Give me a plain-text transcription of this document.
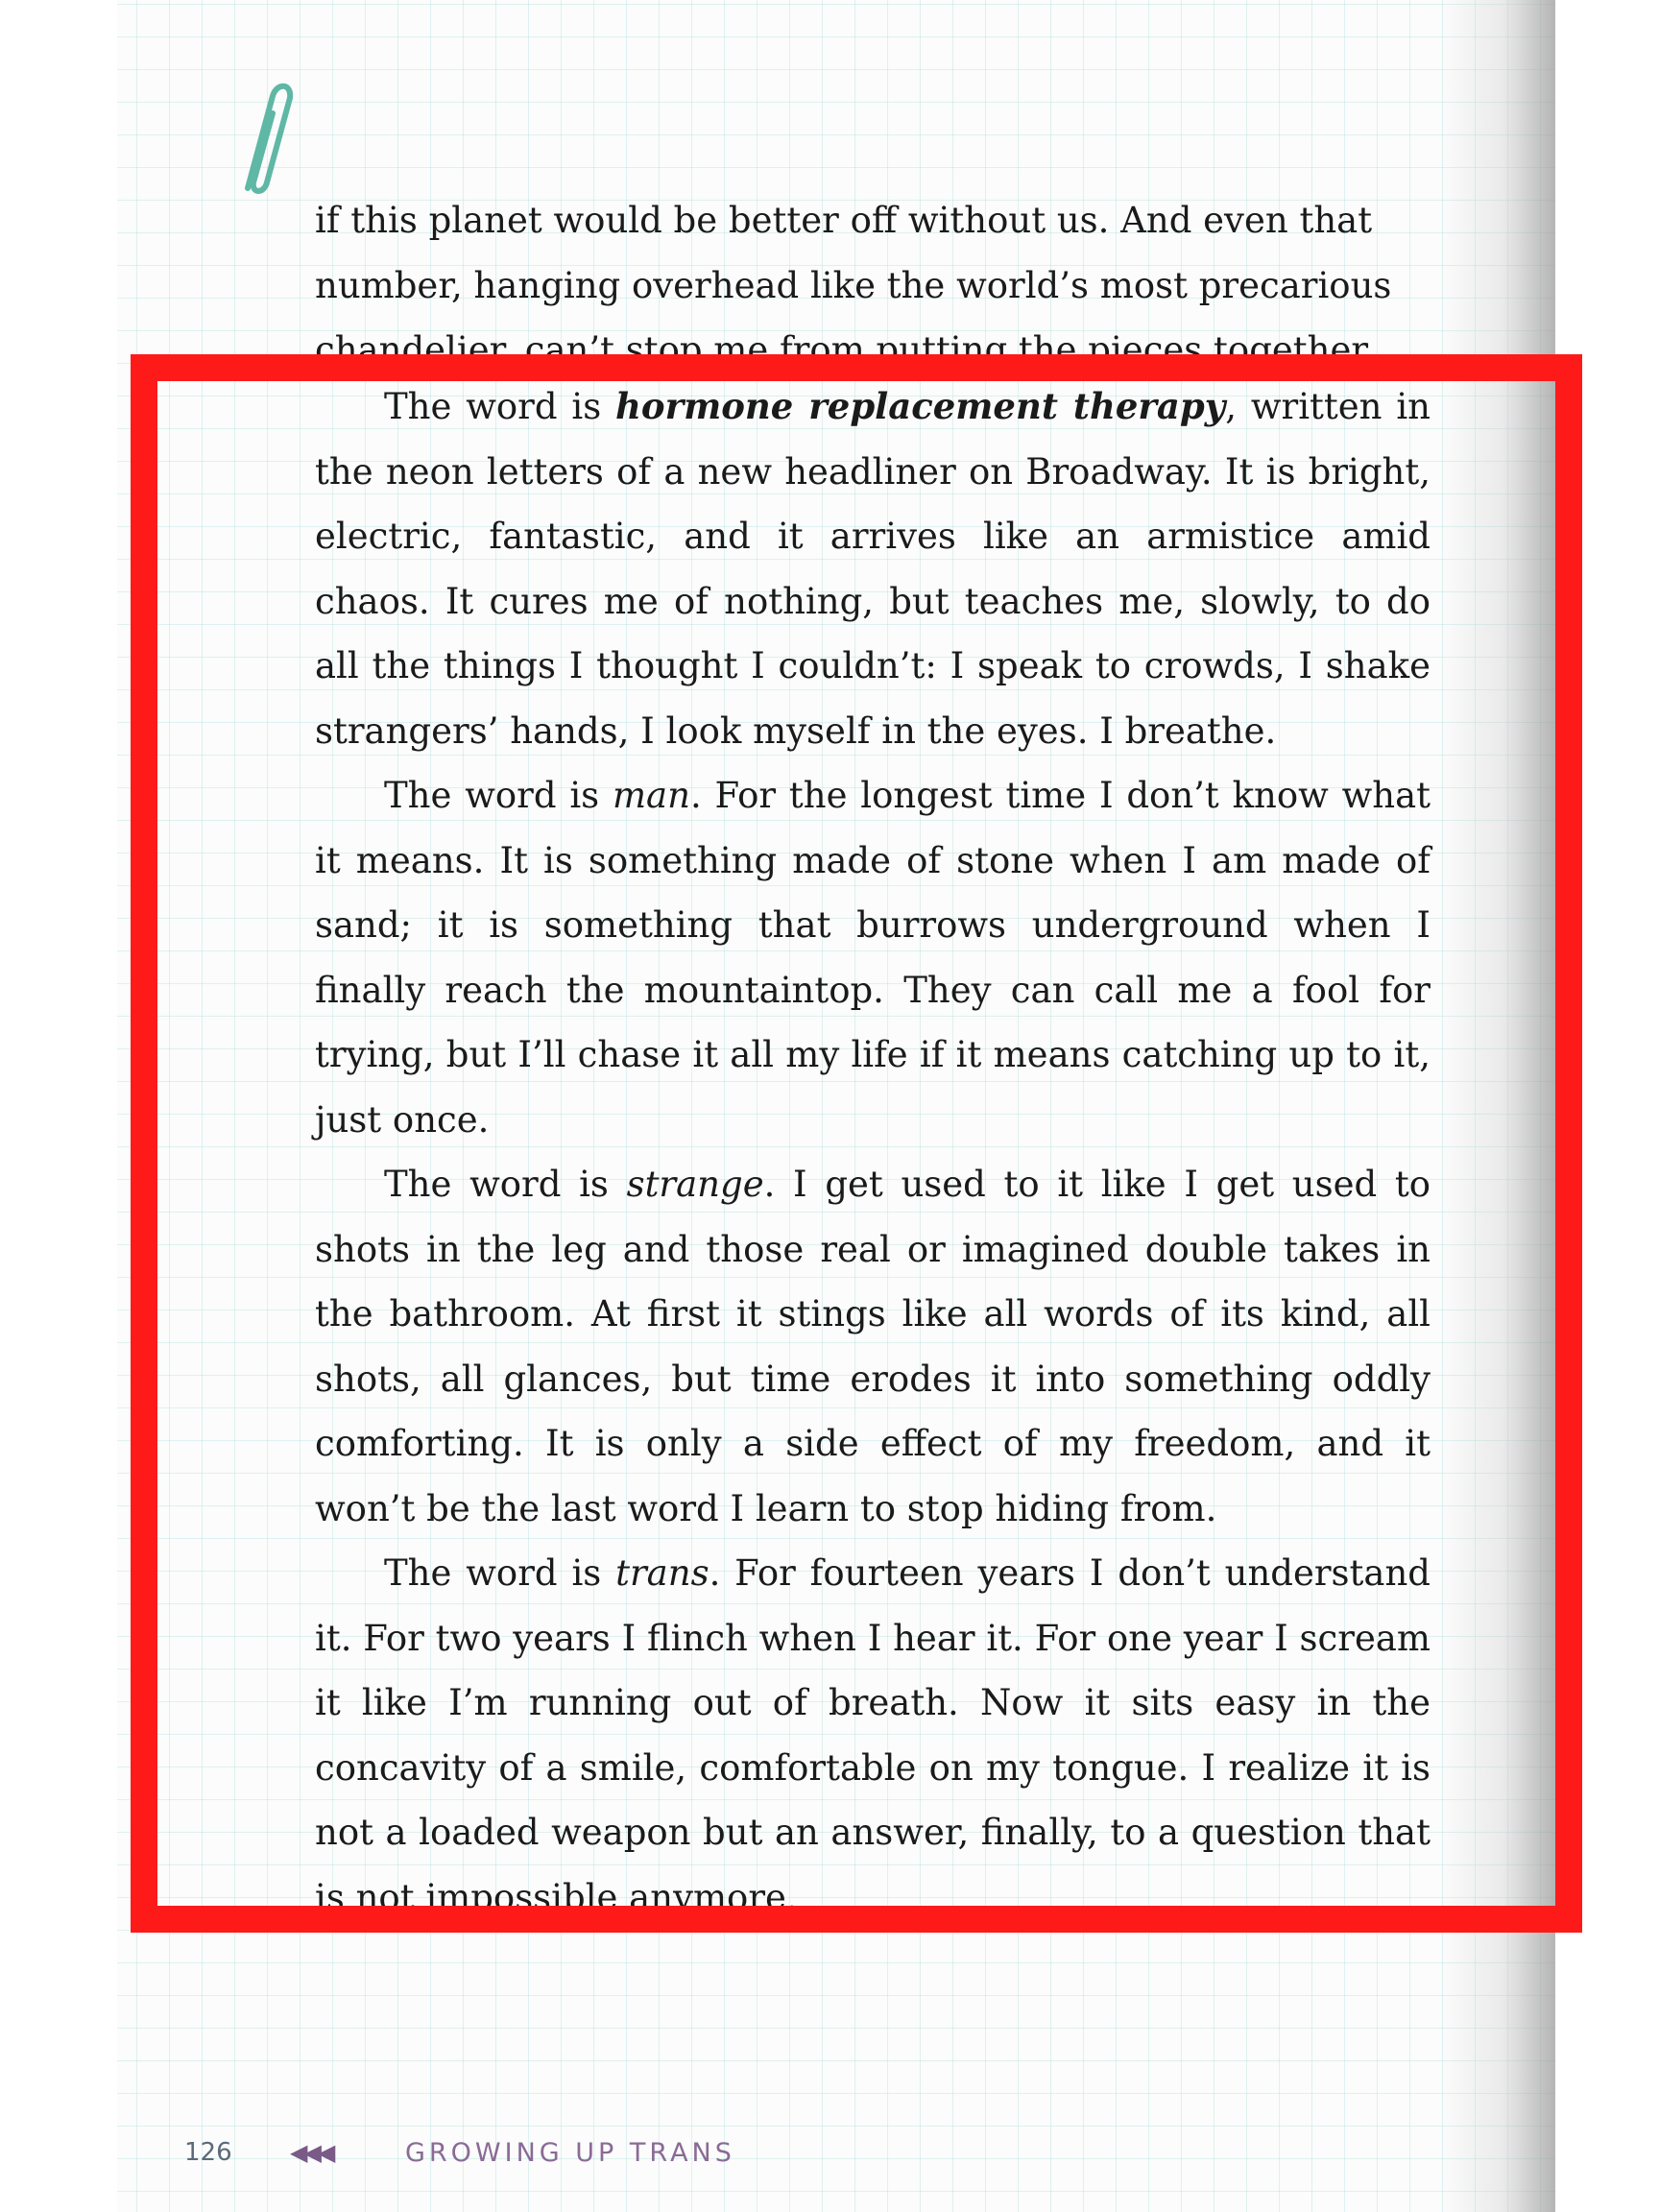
if this planet would be better off without us. And even that

number, hanging overhead like the world’s most precarious

chandelier, can’t stop me from putting the pieces together.

The word is hormone replacement therapy, written in the neon letters of a new headliner on Broadway. It is bright, electric, fantastic, and it arrives like an armistice amid chaos. It cures me of nothing, but teaches me, slowly, to do all the things I thought I couldn’t: I speak to crowds, I shake strangers’ hands, I look myself in the eyes. I breathe.

The word is man. For the longest time I don’t know what it means. It is something made of stone when I am made of sand; it is something that burrows underground when I finally reach the mountaintop. They can call me a fool for trying, but I’ll chase it all my life if it means catching up to it, just once.

The word is strange. I get used to it like I get used to shots in the leg and those real or imagined double takes in the bathroom. At first it stings like all words of its kind, all shots, all glances, but time erodes it into something oddly comforting. It is only a side effect of my freedom, and it won’t be the last word I learn to stop hiding from.

The word is trans. For fourteen years I don’t understand it. For two years I flinch when I hear it. For one year I scream it like I’m running out of breath. Now it sits easy in the concavity of a smile, comfortable on my tongue. I realize it is not a loaded weapon but an answer, finally, to a question that is not impossible anymore.

126	◀◀◀	GROWING UP TRANS
